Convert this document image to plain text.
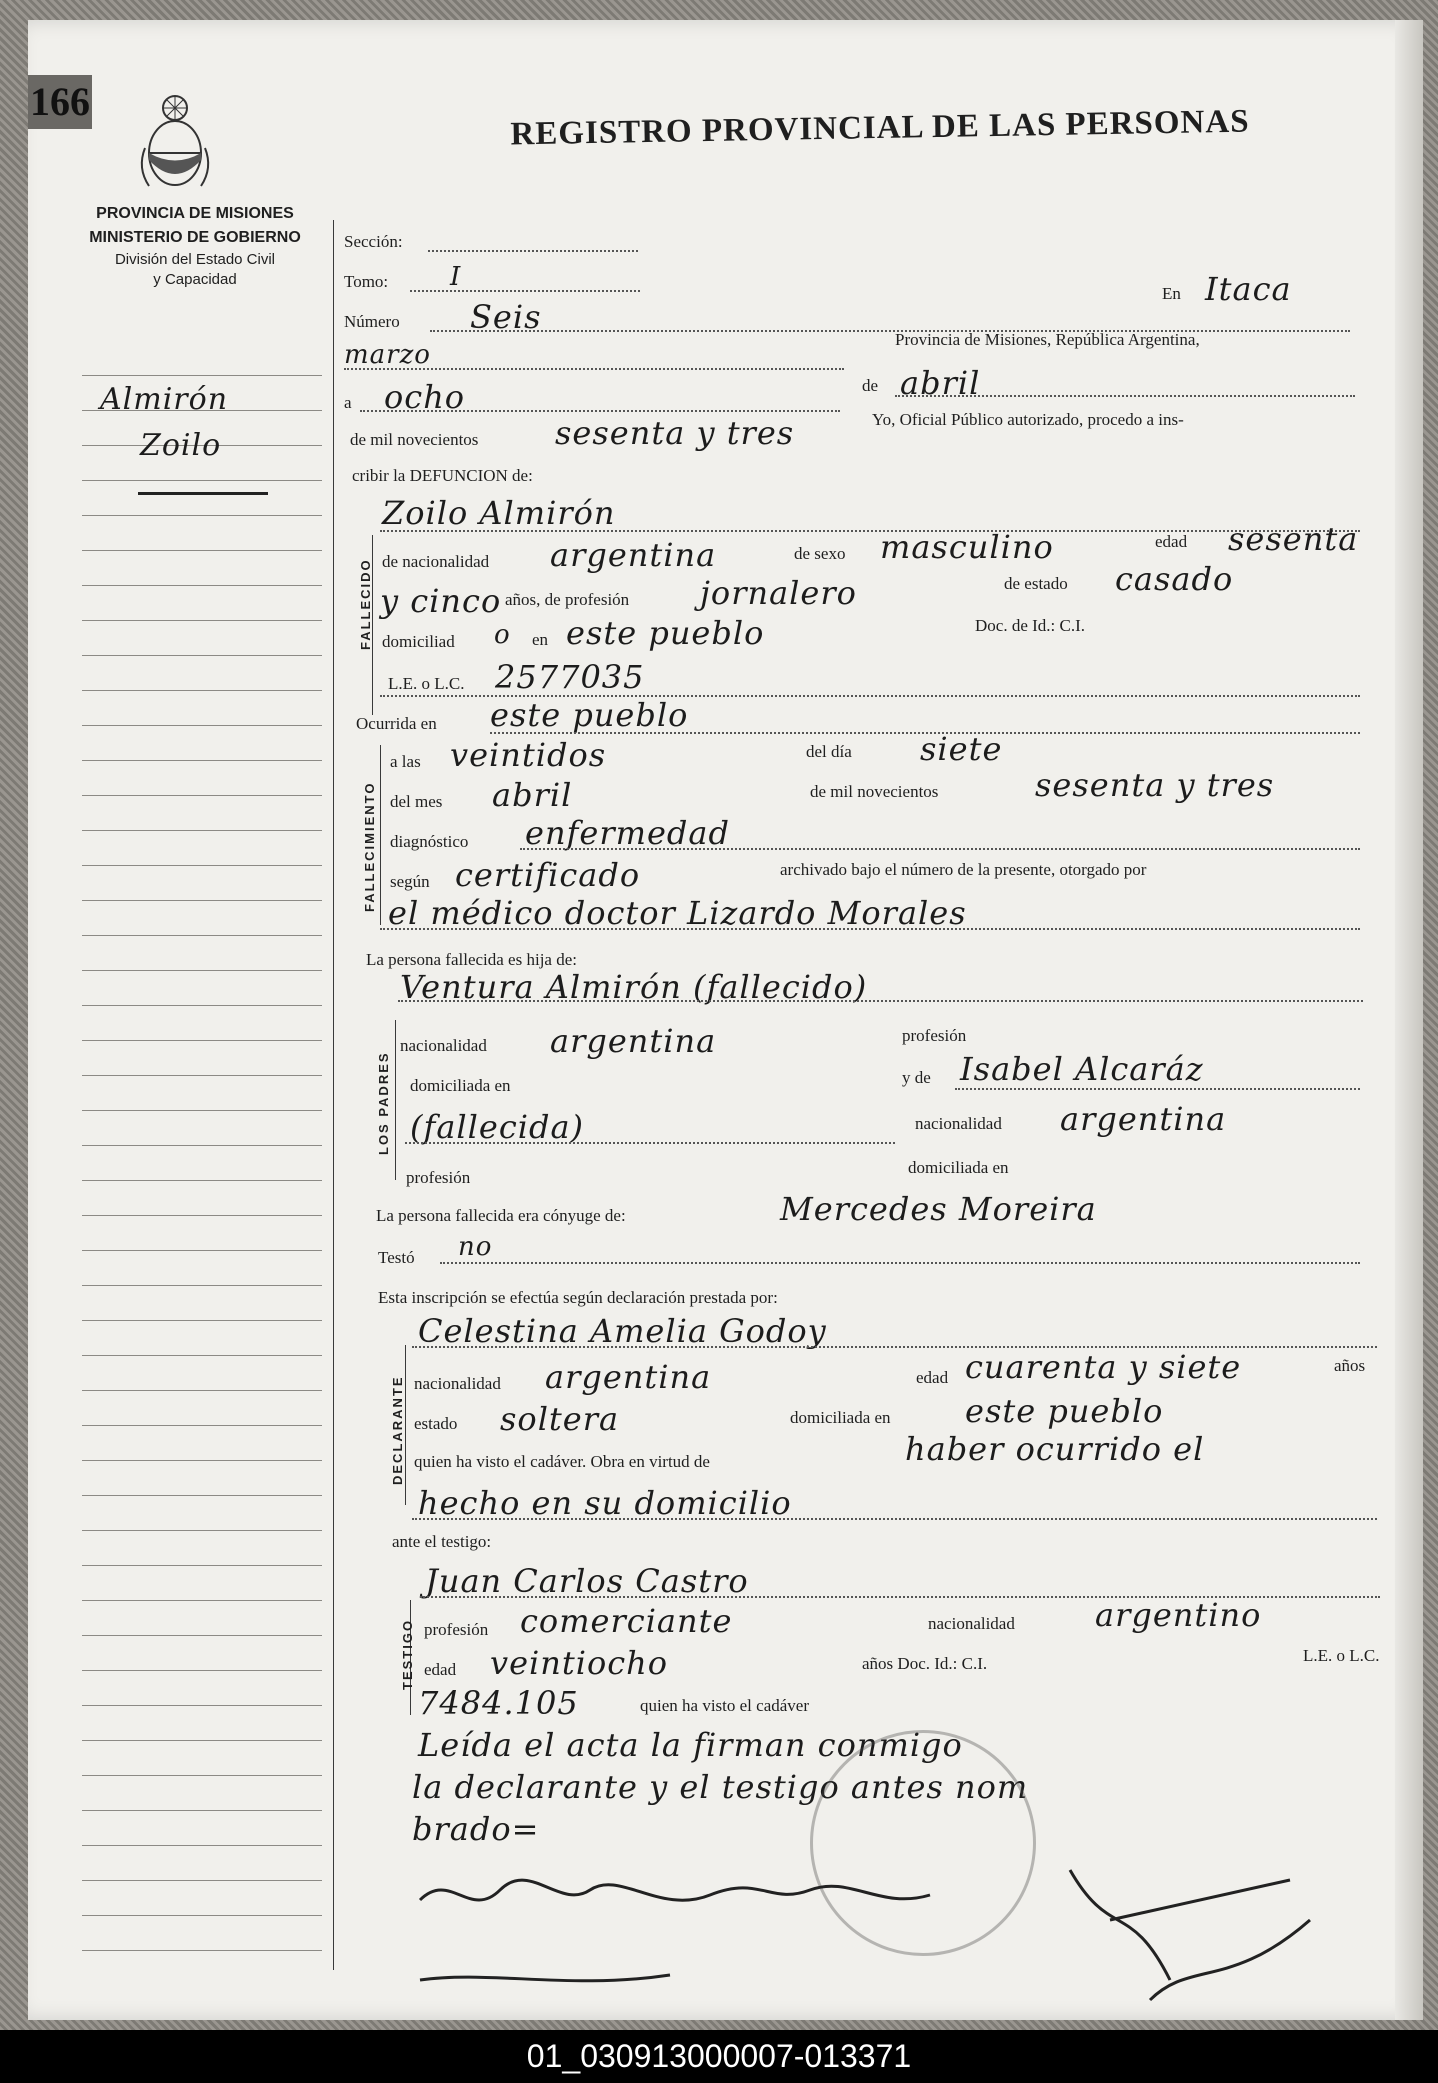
166
REGISTRO PROVINCIAL DE LAS PERSONAS
PROVINCIA DE MISIONES
MINISTERIO DE GOBIERNO
División del Estado Civil
y Capacidad
Almirón
Zoilo
FALLECIDO
FALLECIMIENTO
LOS PADRES
DECLARANTE
TESTIGO
Sección:
Tomo: I
En Itaca
Número Seis
marzo
Provincia de Misiones, República Argentina,
a ocho	de abril
de mil novecientos sesenta y tres	Yo, Oficial Público autorizado, procedo a ins-
cribir la DEFUNCION de:
Zoilo Almirón
de nacionalidad argentina	de sexo masculino	edad sesenta
y cinco años, de profesión jornalero	de estado casado
domiciliad o en este pueblo	Doc. de Id.: C.I.
L.E. o L.C. 2577035
Ocurrida en este pueblo
a las veintidos	del día siete
del mes abril	de mil novecientos	sesenta y tres
diagnóstico enfermedad
según certificado	archivado bajo el número de la presente, otorgado por
el médico doctor Lizardo Morales
La persona fallecida es hija de:
Ventura Almirón (fallecido)
nacionalidad argentina	profesión
domiciliada en	y de Isabel Alcaráz
(fallecida)	nacionalidad argentina
profesión
domiciliada en
La persona fallecida era cónyuge de:	Mercedes Moreira
Testó no
Esta inscripción se efectúa según declaración prestada por:
Celestina Amelia Godoy
nacionalidad argentina	edad cuarenta y siete	años
estado soltera	domiciliada en este pueblo
quien ha visto el cadáver. Obra en virtud de	haber ocurrido el
hecho en su domicilio
ante el testigo:
Juan Carlos Castro
profesión comerciante	nacionalidad	argentino
edad veintiocho	años Doc. Id.: C.I.	L.E. o L.C.
7484.105	quien ha visto el cadáver
Leída el acta la firman conmigo
la declarante y el testigo antes nom
brado=
01_030913000007-013371
